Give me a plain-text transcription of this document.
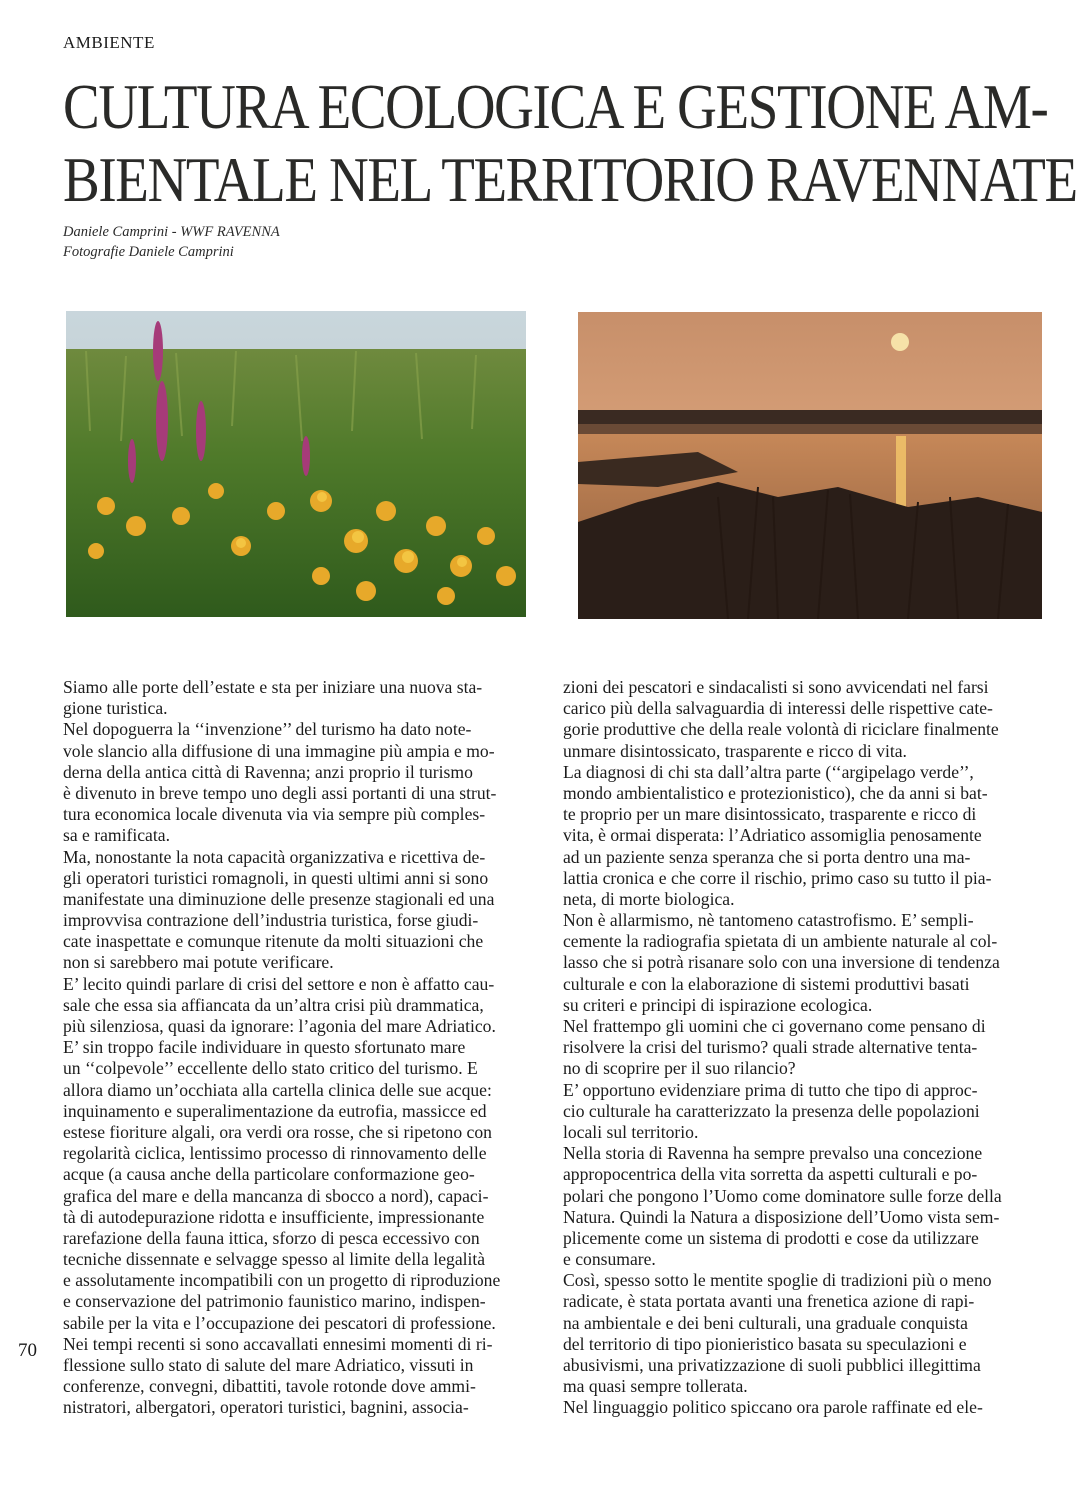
AMBIENTE
CULTURA ECOLOGICA E GESTIONE AM-
BIENTALE NEL TERRITORIO RAVENNATE
Daniele Camprini - WWF RAVENNA
Fotografie Daniele Camprini
Siamo alle porte dell’estate e sta per iniziare una nuova sta-
gione turistica.
Nel dopoguerra la ‘‘invenzione’’ del turismo ha dato note-
vole slancio alla diffusione di una immagine più ampia e mo-
derna della antica città di Ravenna; anzi proprio il turismo
è divenuto in breve tempo uno degli assi portanti di una strut-
tura economica locale divenuta via via sempre più comples-
sa e ramificata.
Ma, nonostante la nota capacità organizzativa e ricettiva de-
gli operatori turistici romagnoli, in questi ultimi anni si sono
manifestate una diminuzione delle presenze stagionali ed una
improvvisa contrazione dell’industria turistica, forse giudi-
cate inaspettate e comunque ritenute da molti situazioni che
non si sarebbero mai potute verificare.
E’ lecito quindi parlare di crisi del settore e non è affatto cau-
sale che essa sia affiancata da un’altra crisi più drammatica,
più silenziosa, quasi da ignorare: l’agonia del mare Adriatico.
E’ sin troppo facile individuare in questo sfortunato mare
un ‘‘colpevole’’ eccellente dello stato critico del turismo. E
allora diamo un’occhiata alla cartella clinica delle sue acque:
inquinamento e superalimentazione da eutrofia, massicce ed
estese fioriture algali, ora verdi ora rosse, che si ripetono con
regolarità ciclica, lentissimo processo di rinnovamento delle
acque (a causa anche della particolare conformazione geo-
grafica del mare e della mancanza di sbocco a nord), capaci-
tà di autodepurazione ridotta e insufficiente, impressionante
rarefazione della fauna ittica, sforzo di pesca eccessivo con
tecniche dissennate e selvagge spesso al limite della legalità
e assolutamente incompatibili con un progetto di riproduzione
e conservazione del patrimonio faunistico marino, indispen-
sabile per la vita e l’occupazione dei pescatori di professione.
Nei tempi recenti si sono accavallati ennesimi momenti di ri-
flessione sullo stato di salute del mare Adriatico, vissuti in
conferenze, convegni, dibattiti, tavole rotonde dove ammi-
nistratori, albergatori, operatori turistici, bagnini, associa-
zioni dei pescatori e sindacalisti si sono avvicendati nel farsi
carico più della salvaguardia di interessi delle rispettive cate-
gorie produttive che della reale volontà di riciclare finalmente
unmare disintossicato, trasparente e ricco di vita.
La diagnosi di chi sta dall’altra parte (‘‘argipelago verde’’,
mondo ambientalistico e protezionistico), che da anni si bat-
te proprio per un mare disintossicato, trasparente e ricco di
vita, è ormai disperata: l’Adriatico assomiglia penosamente
ad un paziente senza speranza che si porta dentro una ma-
lattia cronica e che corre il rischio, primo caso su tutto il pia-
neta, di morte biologica.
Non è allarmismo, nè tantomeno catastrofismo. E’ sempli-
cemente la radiografia spietata di un ambiente naturale al col-
lasso che si potrà risanare solo con una inversione di tendenza
culturale e con la elaborazione di sistemi produttivi basati
su criteri e principi di ispirazione ecologica.
Nel frattempo gli uomini che ci governano come pensano di
risolvere la crisi del turismo? quali strade alternative tenta-
no di scoprire per il suo rilancio?
E’ opportuno evidenziare prima di tutto che tipo di approc-
cio culturale ha caratterizzato la presenza delle popolazioni
locali sul territorio.
Nella storia di Ravenna ha sempre prevalso una concezione
appropocentrica della vita sorretta da aspetti culturali e po-
polari che pongono l’Uomo come dominatore sulle forze della
Natura. Quindi la Natura a disposizione dell’Uomo vista sem-
plicemente come un sistema di prodotti e cose da utilizzare
e consumare.
Così, spesso sotto le mentite spoglie di tradizioni più o meno
radicate, è stata portata avanti una frenetica azione di rapi-
na ambientale e dei beni culturali, una graduale conquista
del territorio di tipo pionieristico basata su speculazioni e
abusivismi, una privatizzazione di suoli pubblici illegittima
ma quasi sempre tollerata.
Nel linguaggio politico spiccano ora parole raffinate ed ele-
70
